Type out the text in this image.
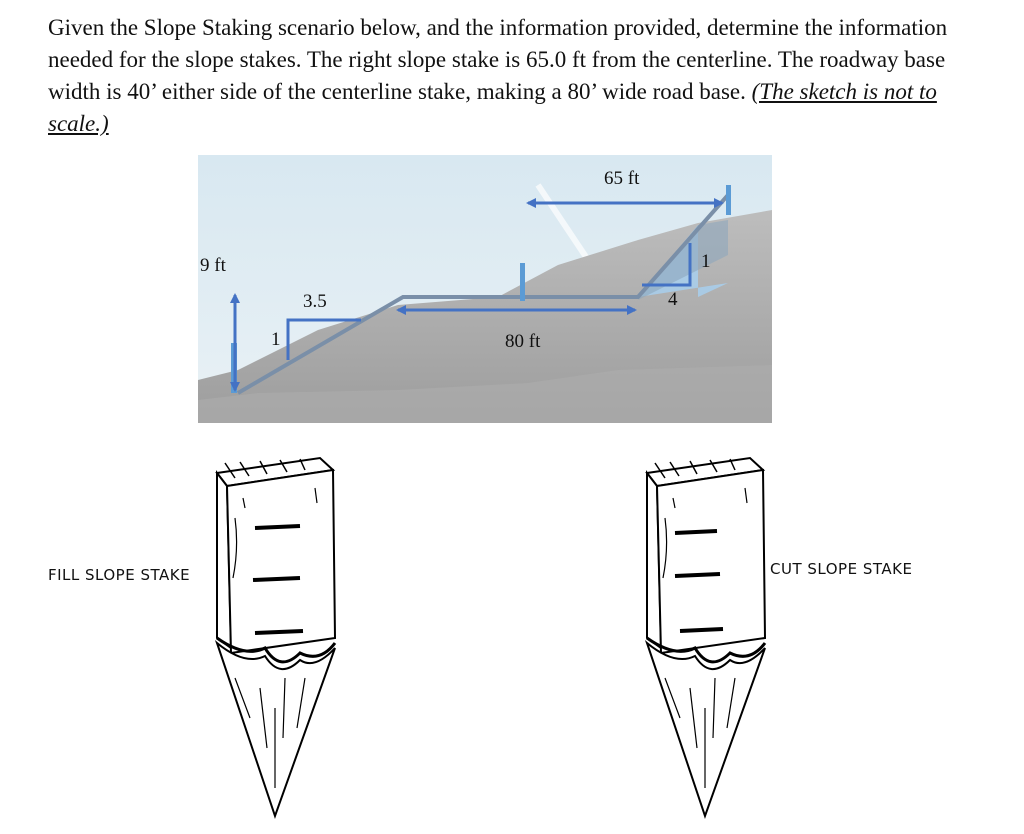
Given the Slope Staking scenario below, and the information provided, determine the information needed for the slope stakes. The right slope stake is 65.0 ft from the centerline. The roadway base width is 40’ either side of the centerline stake, making a 80’ wide road base. (The sketch is not to scale.)
65 ft
9 ft
80 ft
3.5
1
1
4
FILL SLOPE STAKE	CUT SLOPE STAKE
